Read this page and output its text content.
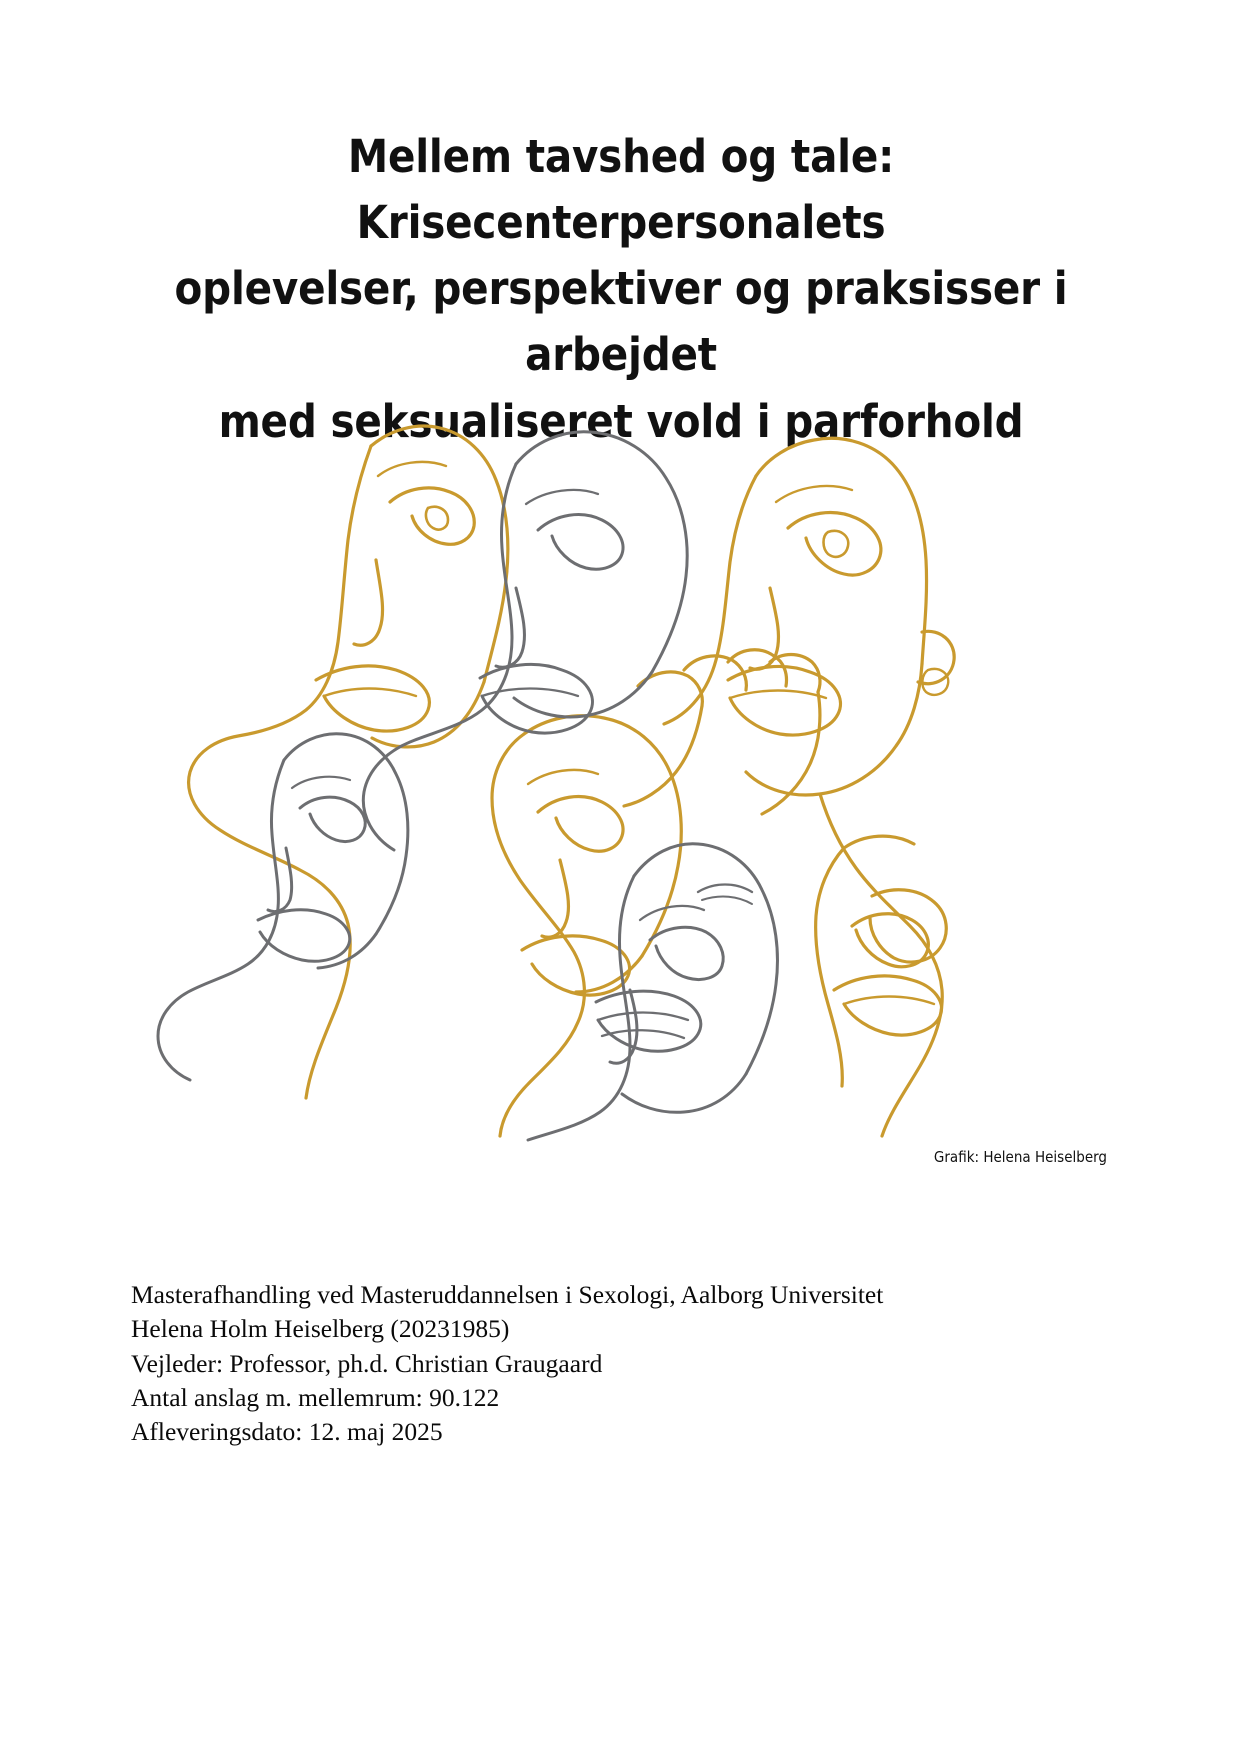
Mellem tavshed og tale: Krisecenterpersonalets
oplevelser, perspektiver og praksisser i arbejdet
med seksualiseret vold i parforhold
Grafik: Helena Heiselberg
Masterafhandling ved Masteruddannelsen i Sexologi, Aalborg Universitet
Helena Holm Heiselberg (20231985)
Vejleder: Professor, ph.d. Christian Graugaard
Antal anslag m. mellemrum: 90.122
Afleveringsdato: 12. maj 2025
